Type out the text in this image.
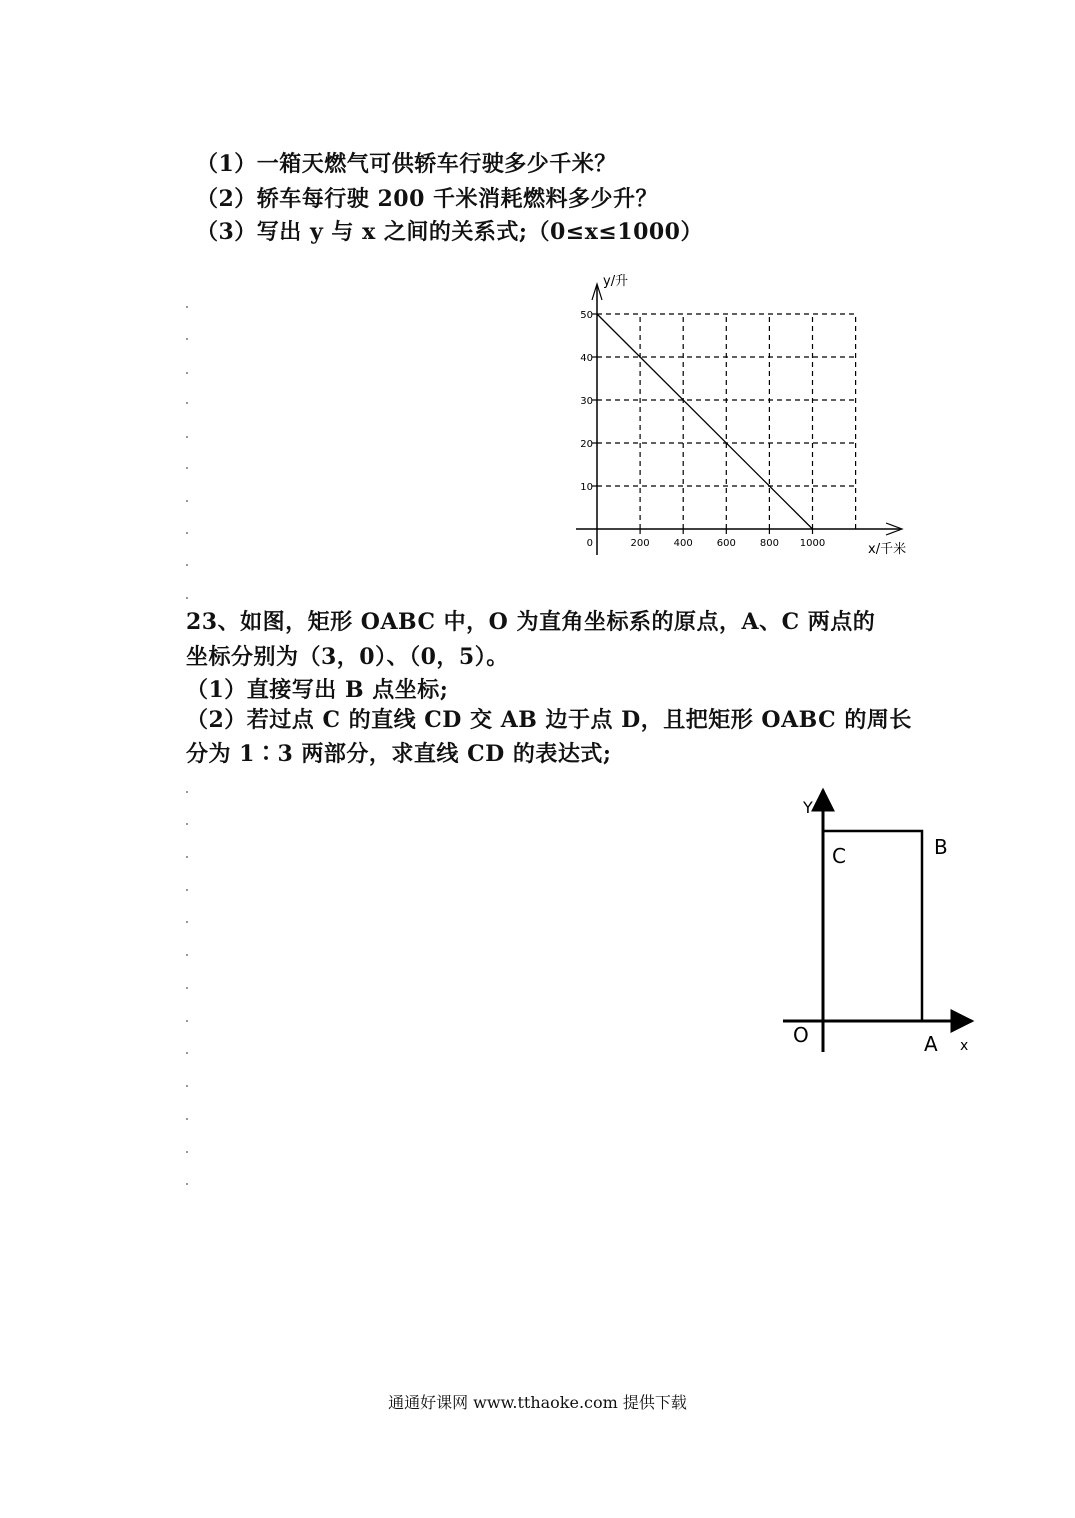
（1）一箱天燃气可供轿车行驶多少千米？
（2）轿车每行驶 200 千米消耗燃料多少升？
（3）写出 y 与 x 之间的关系式;（0≤x≤1000）
0	200 400 600 800 1000
10
20
30
40
50
y/升
x/千米
23、如图，矩形 OABC 中，O 为直角坐标系的原点，A、C 两点的
坐标分别为（3，0）、（0，5）。
（1）直接写出 B 点坐标;
（2）若过点 C 的直线 CD 交 AB 边于点 D，且把矩形 OABC 的周长
分为 1∶3 两部分，求直线 CD 的表达式;
Y
C	B
O	A x
通通好课网 www.tthaoke.com 提供下载
